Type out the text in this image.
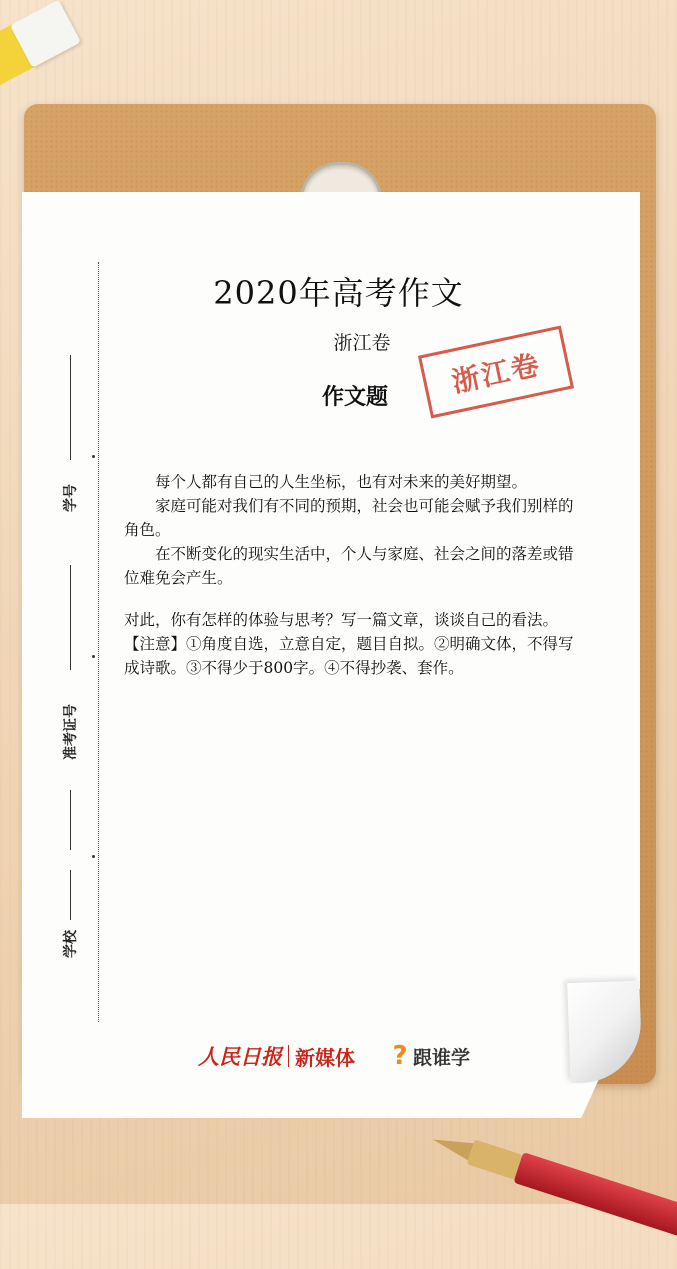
学号
准考证号
学校
2020年高考作文
浙江卷
作文题	浙江卷

每个人都有自己的人生坐标，也有对未来的美好期望。

家庭可能对我们有不同的预期，社会也可能会赋予我们别样的角色。

在不断变化的现实生活中，个人与家庭、社会之间的落差或错位难免会产生。

对此，你有怎样的体验与思考？写一篇文章，谈谈自己的看法。

【注意】①角度自选，立意自定，题目自拟。②明确文体，不得写成诗歌。③不得少于800字。④不得抄袭、套作。

人民日报 新媒体 ? 跟谁学
